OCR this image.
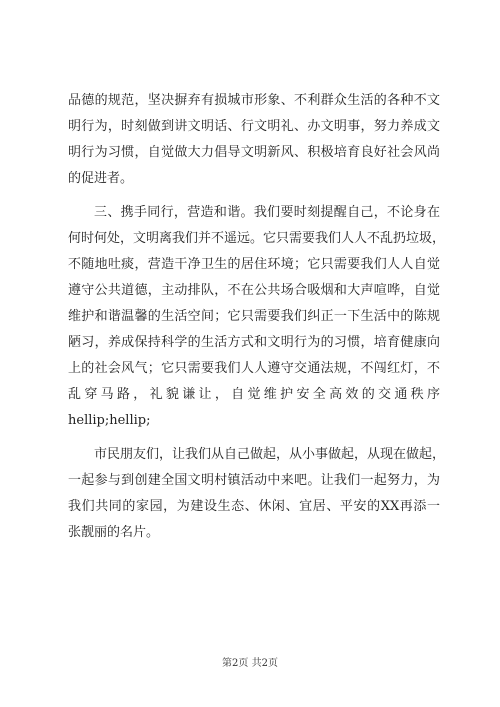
品德的规范，坚决摒弃有损城市形象、不利群众生活的各种不文
明行为，时刻做到讲文明话、行文明礼、办文明事，努力养成文
明行为习惯，自觉做大力倡导文明新风、积极培育良好社会风尚
的促进者。
三、携手同行，营造和谐。我们要时刻提醒自己，不论身在
何时何处，文明离我们并不遥远。它只需要我们人人不乱扔垃圾，
不随地吐痰，营造干净卫生的居住环境；它只需要我们人人自觉
遵守公共道德，主动排队，不在公共场合吸烟和大声喧哗，自觉
维护和谐温馨的生活空间；它只需要我们纠正一下生活中的陈规
陋习，养成保持科学的生活方式和文明行为的习惯，培育健康向
上的社会风气；它只需要我们人人遵守交通法规，不闯红灯，不
乱穿马路，礼貌谦让，自觉维护安全高效的交通秩序
hellip;hellip;
市民朋友们，让我们从自己做起，从小事做起，从现在做起，
一起参与到创建全国文明村镇活动中来吧。让我们一起努力，为
我们共同的家园，为建设生态、休闲、宜居、平安的XX再添一
张靓丽的名片。
第2页 共2页
